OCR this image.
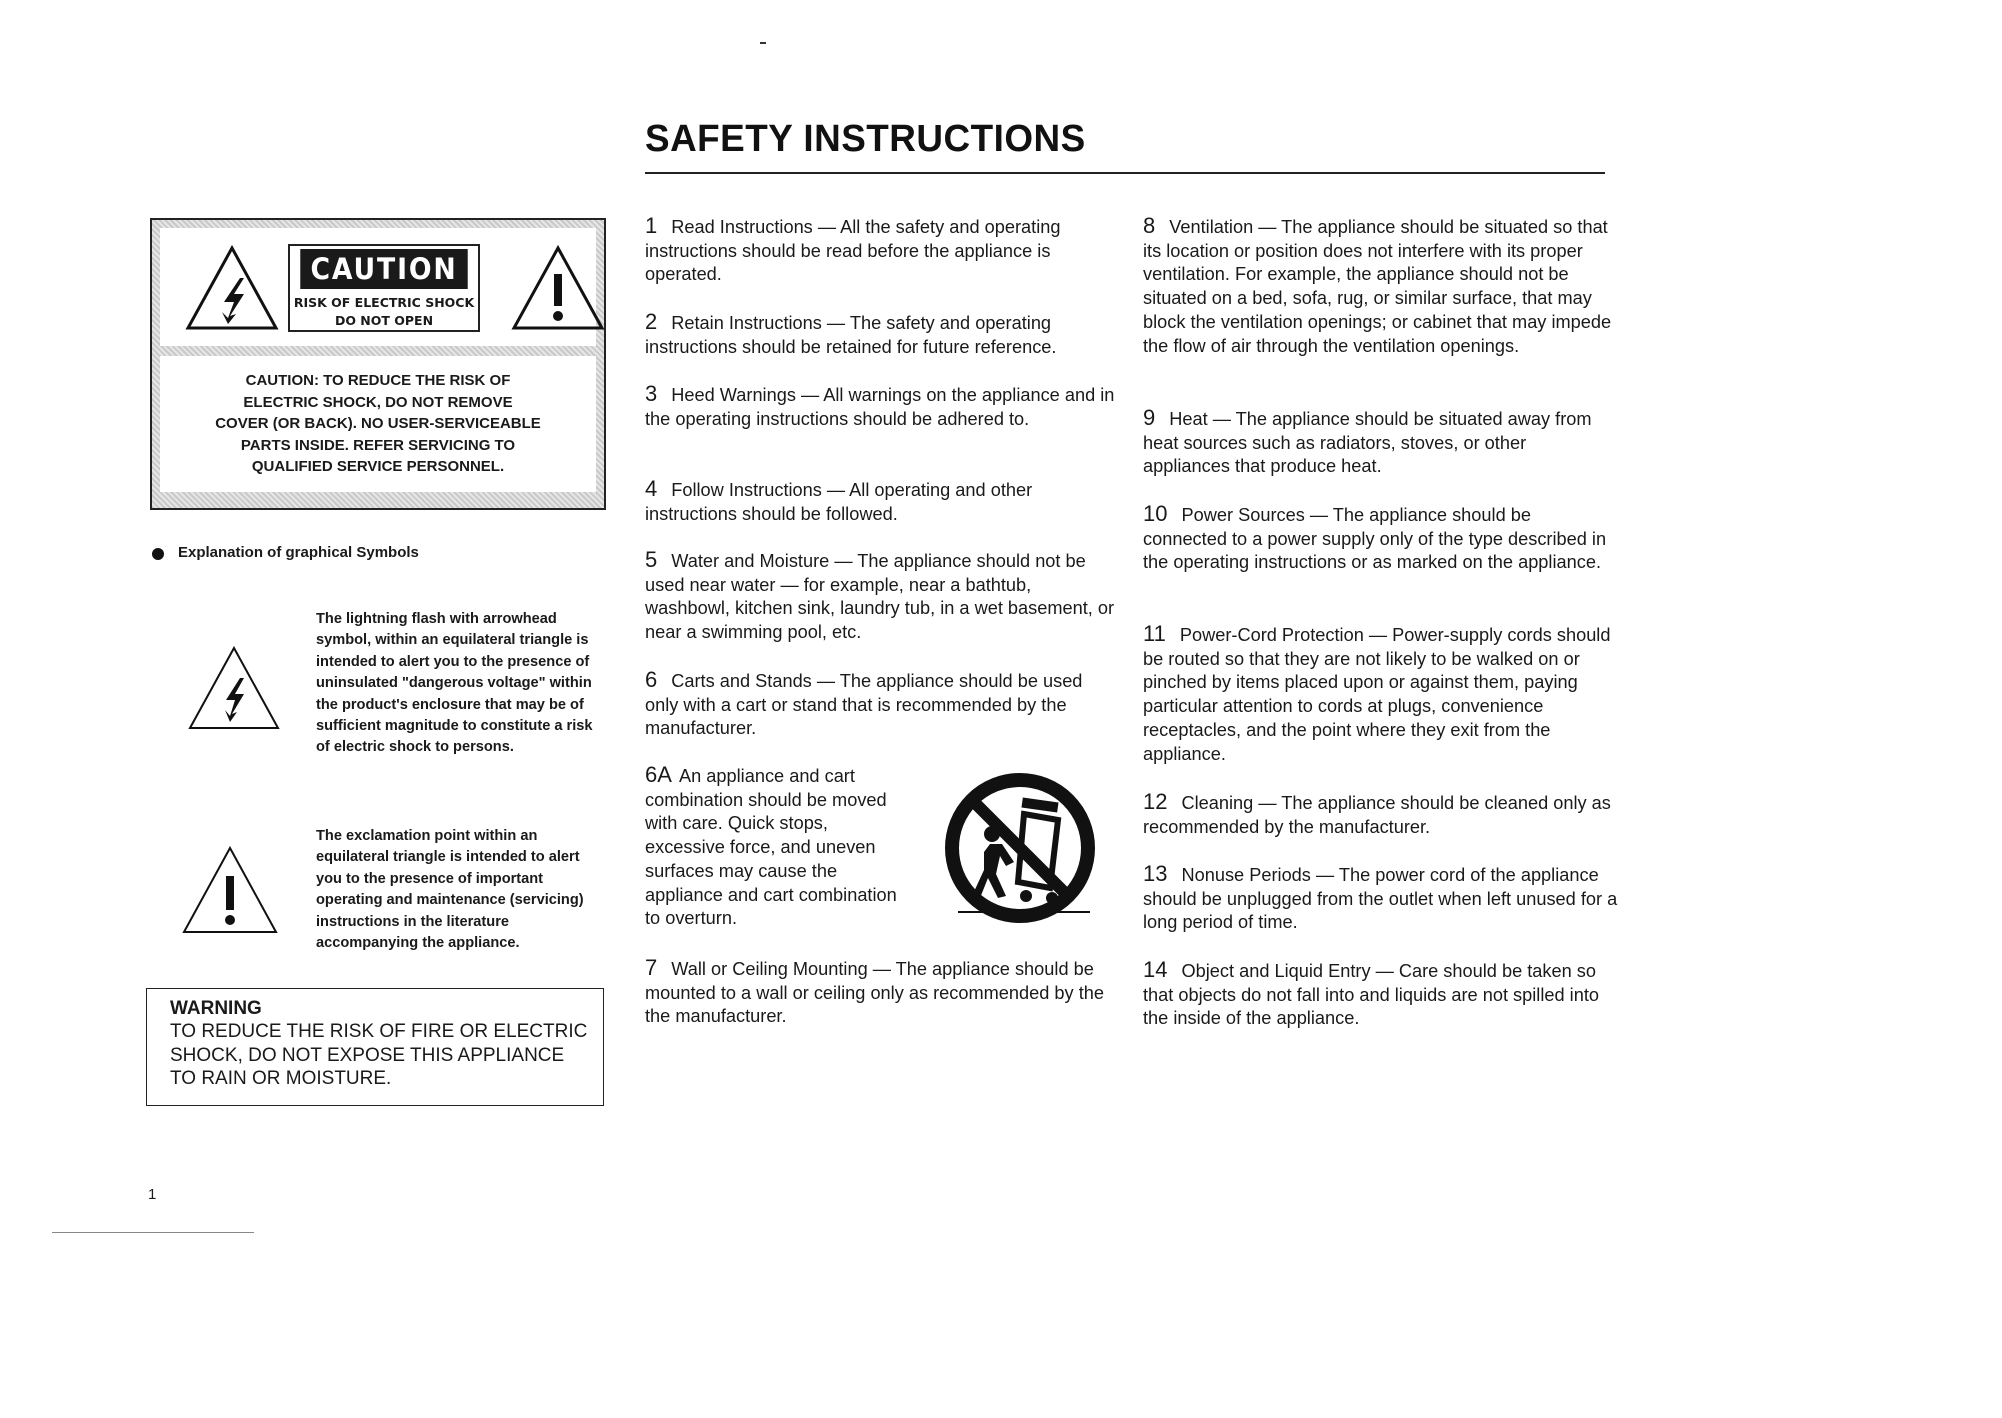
SAFETY INSTRUCTIONS
CAUTION
RISK OF ELECTRIC SHOCK
DO NOT OPEN
CAUTION: TO REDUCE THE RISK OF
ELECTRIC SHOCK, DO NOT REMOVE
COVER (OR BACK). NO USER-SERVICEABLE
PARTS INSIDE. REFER SERVICING TO
QUALIFIED SERVICE PERSONNEL.
Explanation of graphical Symbols
The lightning flash with arrowhead symbol, within an equilateral triangle is intended to alert you to the presence of uninsulated "dangerous voltage" within the product's enclosure that may be of sufficient magnitude to constitute a risk of electric shock to persons.
The exclamation point within an equilateral triangle is intended to alert you to the presence of important operating and maintenance (servicing) instructions in the literature accompanying the appliance.
WARNING
TO REDUCE THE RISK OF FIRE OR ELECTRIC SHOCK, DO NOT EXPOSE THIS APPLIANCE TO RAIN OR MOISTURE.
1
1 Read Instructions — All the safety and operating instructions should be read before the appliance is operated.
2 Retain Instructions — The safety and operating instructions should be retained for future reference.
3 Heed Warnings — All warnings on the appliance and in the operating instructions should be adhered to.
4 Follow Instructions — All operating and other instructions should be followed.
5 Water and Moisture — The appliance should not be used near water — for example, near a bathtub, washbowl, kitchen sink, laundry tub, in a wet basement, or near a swimming pool, etc.
6 Carts and Stands — The appliance should be used only with a cart or stand that is recommended by the manufacturer.
6A An appliance and cart combination should be moved with care. Quick stops, excessive force, and uneven surfaces may cause the appliance and cart combination to overturn.
7 Wall or Ceiling Mounting — The appliance should be mounted to a wall or ceiling only as recommended by the the manufacturer.
8 Ventilation — The appliance should be situated so that its location or position does not interfere with its proper ventilation. For example, the appliance should not be situated on a bed, sofa, rug, or similar surface, that may block the ventilation openings; or cabinet that may impede the flow of air through the ventilation openings.
9 Heat — The appliance should be situated away from heat sources such as radiators, stoves, or other appliances that produce heat.
10 Power Sources — The appliance should be connected to a power supply only of the type described in the operating instructions or as marked on the appliance.
11 Power-Cord Protection — Power-supply cords should be routed so that they are not likely to be walked on or pinched by items placed upon or against them, paying particular attention to cords at plugs, convenience receptacles, and the point where they exit from the appliance.
12 Cleaning — The appliance should be cleaned only as recommended by the manufacturer.
13 Nonuse Periods — The power cord of the appliance should be unplugged from the outlet when left unused for a long period of time.
14 Object and Liquid Entry — Care should be taken so that objects do not fall into and liquids are not spilled into the inside of the appliance.
